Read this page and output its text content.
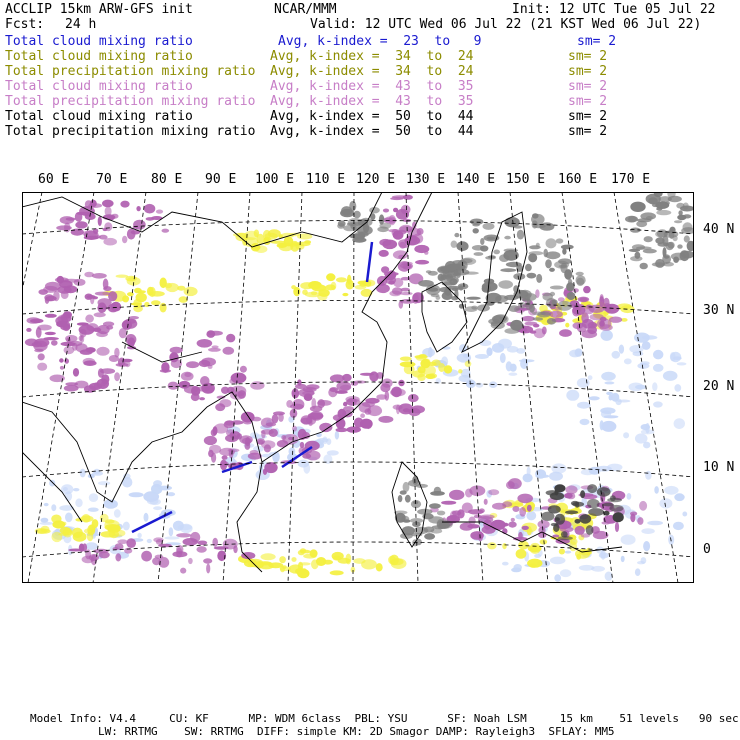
ACCLIP 15km ARW-GFS init	NCAR/MMM	Init: 12 UTC Tue 05 Jul 22
Fcst: 24 h	Valid: 12 UTC Wed 06 Jul 22 (21 KST Wed 06 Jul 22)
Total cloud mixing ratio	Avg, k-index =  23  to   9	sm= 2
Total cloud mixing ratio	Avg, k-index =  34  to  24	sm= 2
Total precipitation mixing ratio Avg, k-index =  34  to  24	sm= 2
Total cloud mixing ratio	Avg, k-index =  43  to  35	sm= 2
Total precipitation mixing ratio Avg, k-index =  43  to  35	sm= 2
Total cloud mixing ratio	Avg, k-index =  50  to  44	sm= 2
Total precipitation mixing ratio Avg, k-index =  50  to  44	sm= 2
60 E 70 E 80 E 90 E 100 E 110 E 120 E 130 E 140 E 150 E 160 E 170 E
40 N
30 N
20 N
10 N
0
Model Info: V4.4     CU: KF      MP: WDM 6class  PBL: YSU      SF: Noah LSM     15 km    51 levels   90 sec
LW: RRTMG    SW: RRTMG  DIFF: simple KM: 2D Smagor DAMP: Rayleigh3  SFLAY: MM5
